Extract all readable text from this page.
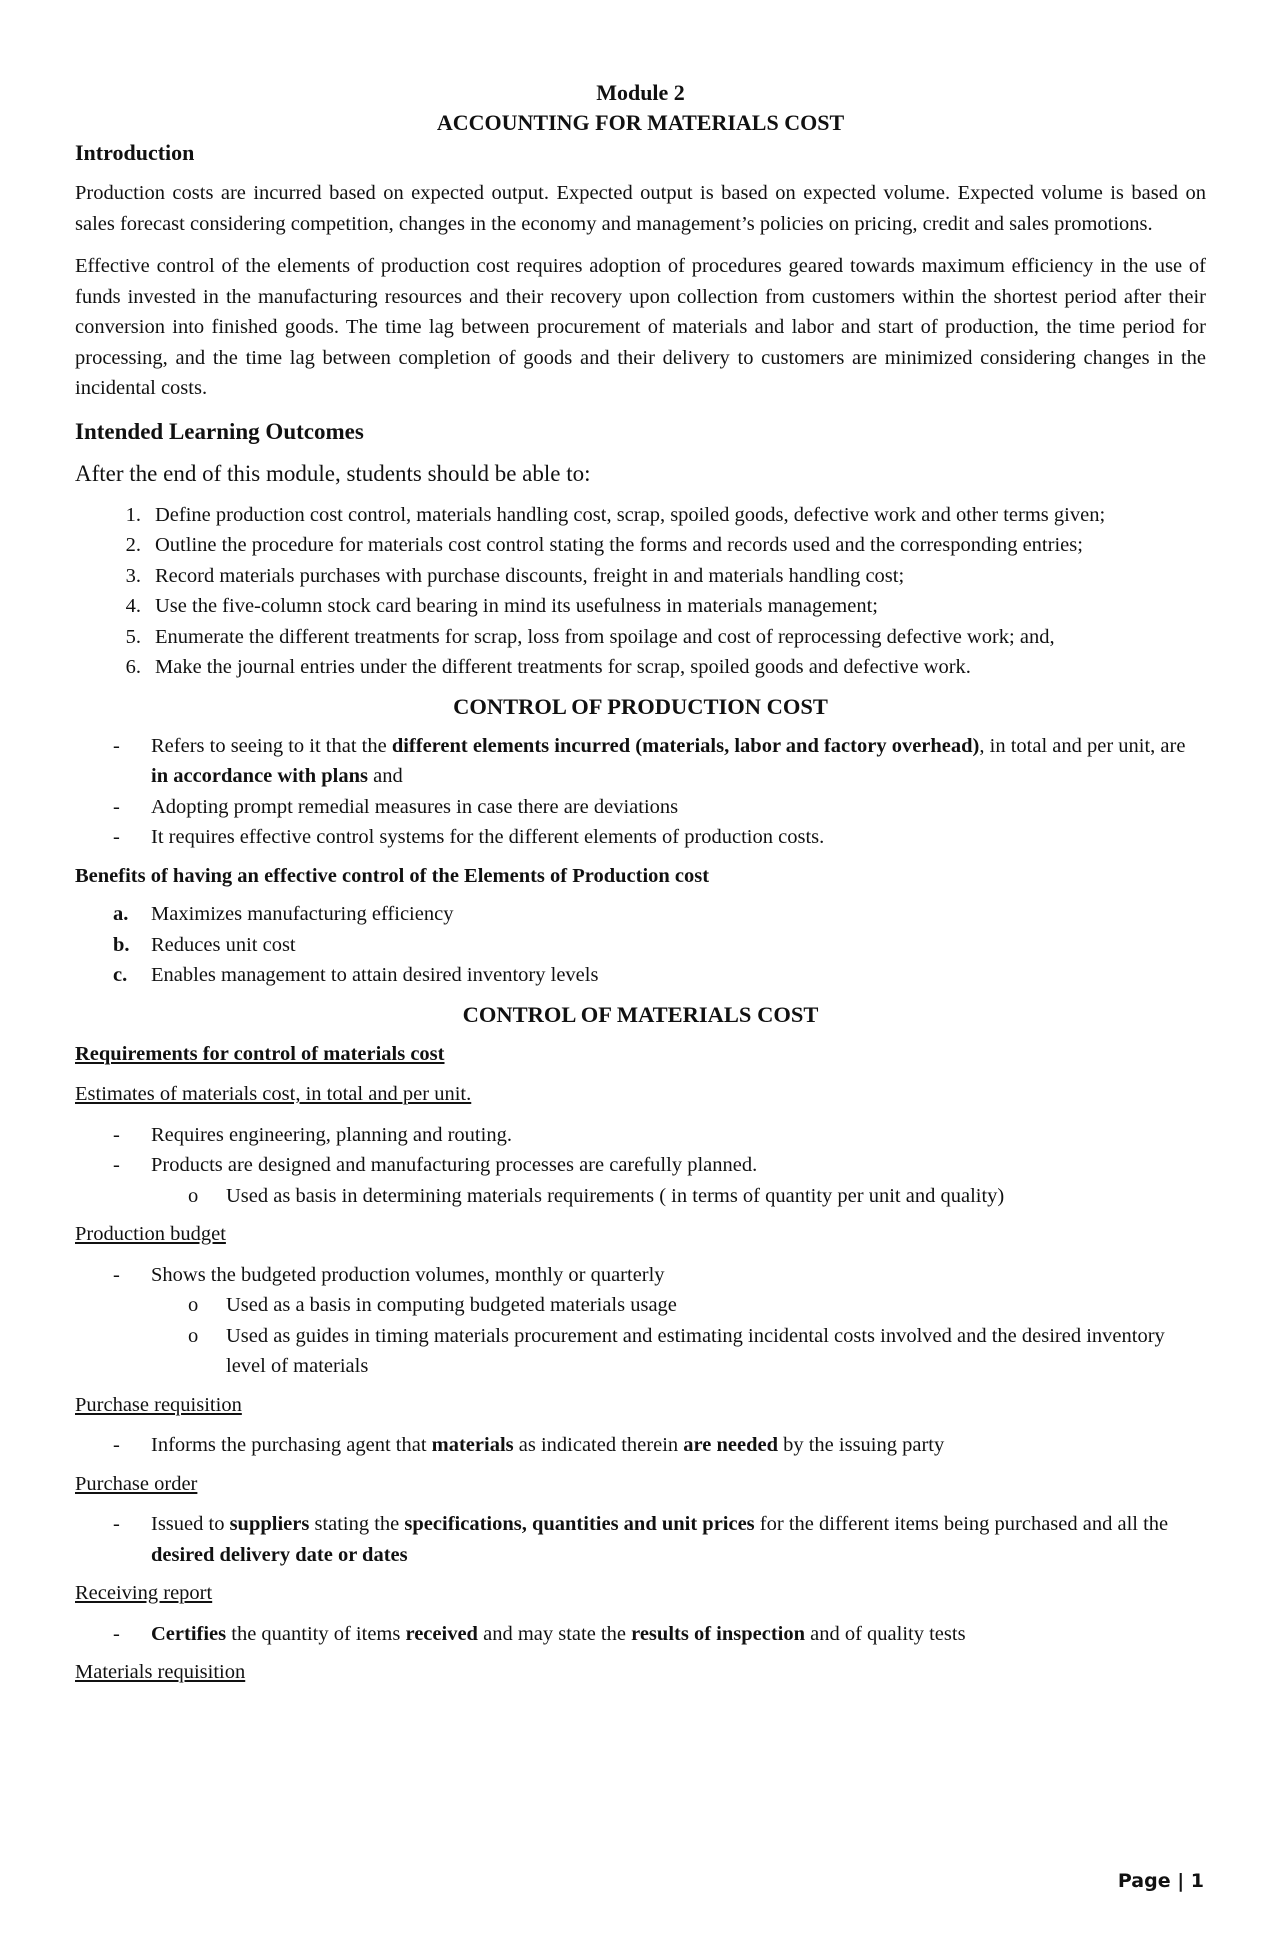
Module 2
ACCOUNTING FOR MATERIALS COST
Introduction

Production costs are incurred based on expected output. Expected output is based on expected volume. Expected volume is based on sales forecast considering competition, changes in the economy and management’s policies on pricing, credit and sales promotions.

Effective control of the elements of production cost requires adoption of procedures geared towards maximum efficiency in the use of funds invested in the manufacturing resources and their recovery upon collection from customers within the shortest period after their conversion into finished goods. The time lag between procurement of materials and labor and start of production, the time period for processing, and the time lag between completion of goods and their delivery to customers are minimized considering changes in the incidental costs.

Intended Learning Outcomes
After the end of this module, students should be able to:
1. Define production cost control, materials handling cost, scrap, spoiled goods, defective work and other terms given;
2. Outline the procedure for materials cost control stating the forms and records used and the corresponding entries;
3. Record materials purchases with purchase discounts, freight in and materials handling cost;
4. Use the five-column stock card bearing in mind its usefulness in materials management;
5. Enumerate the different treatments for scrap, loss from spoilage and cost of reprocessing defective work; and,
6. Make the journal entries under the different treatments for scrap, spoiled goods and defective work.
CONTROL OF PRODUCTION COST
-	Refers to seeing to it that the different elements incurred (materials, labor and factory overhead), in total and per unit, are in accordance with plans and
-	Adopting prompt remedial measures in case there are deviations
-	It requires effective control systems for the different elements of production costs.
Benefits of having an effective control of the Elements of Production cost
a.	Maximizes manufacturing efficiency
b.	Reduces unit cost
c.	Enables management to attain desired inventory levels
CONTROL OF MATERIALS COST
Requirements for control of materials cost
Estimates of materials cost, in total and per unit.
-	Requires engineering, planning and routing.
-	Products are designed and manufacturing processes are carefully planned.
o	Used as basis in determining materials requirements ( in terms of quantity per unit and quality)
Production budget
-	Shows the budgeted production volumes, monthly or quarterly
o	Used as a basis in computing budgeted materials usage
o	Used as guides in timing materials procurement and estimating incidental costs involved and the desired inventory level of materials
Purchase requisition
-	Informs the purchasing agent that materials as indicated therein are needed by the issuing party
Purchase order
-	Issued to suppliers stating the specifications, quantities and unit prices for the different items being purchased and all the desired delivery date or dates
Receiving report
-	Certifies the quantity of items received and may state the results of inspection and of quality tests
Materials requisition
Page | 1
